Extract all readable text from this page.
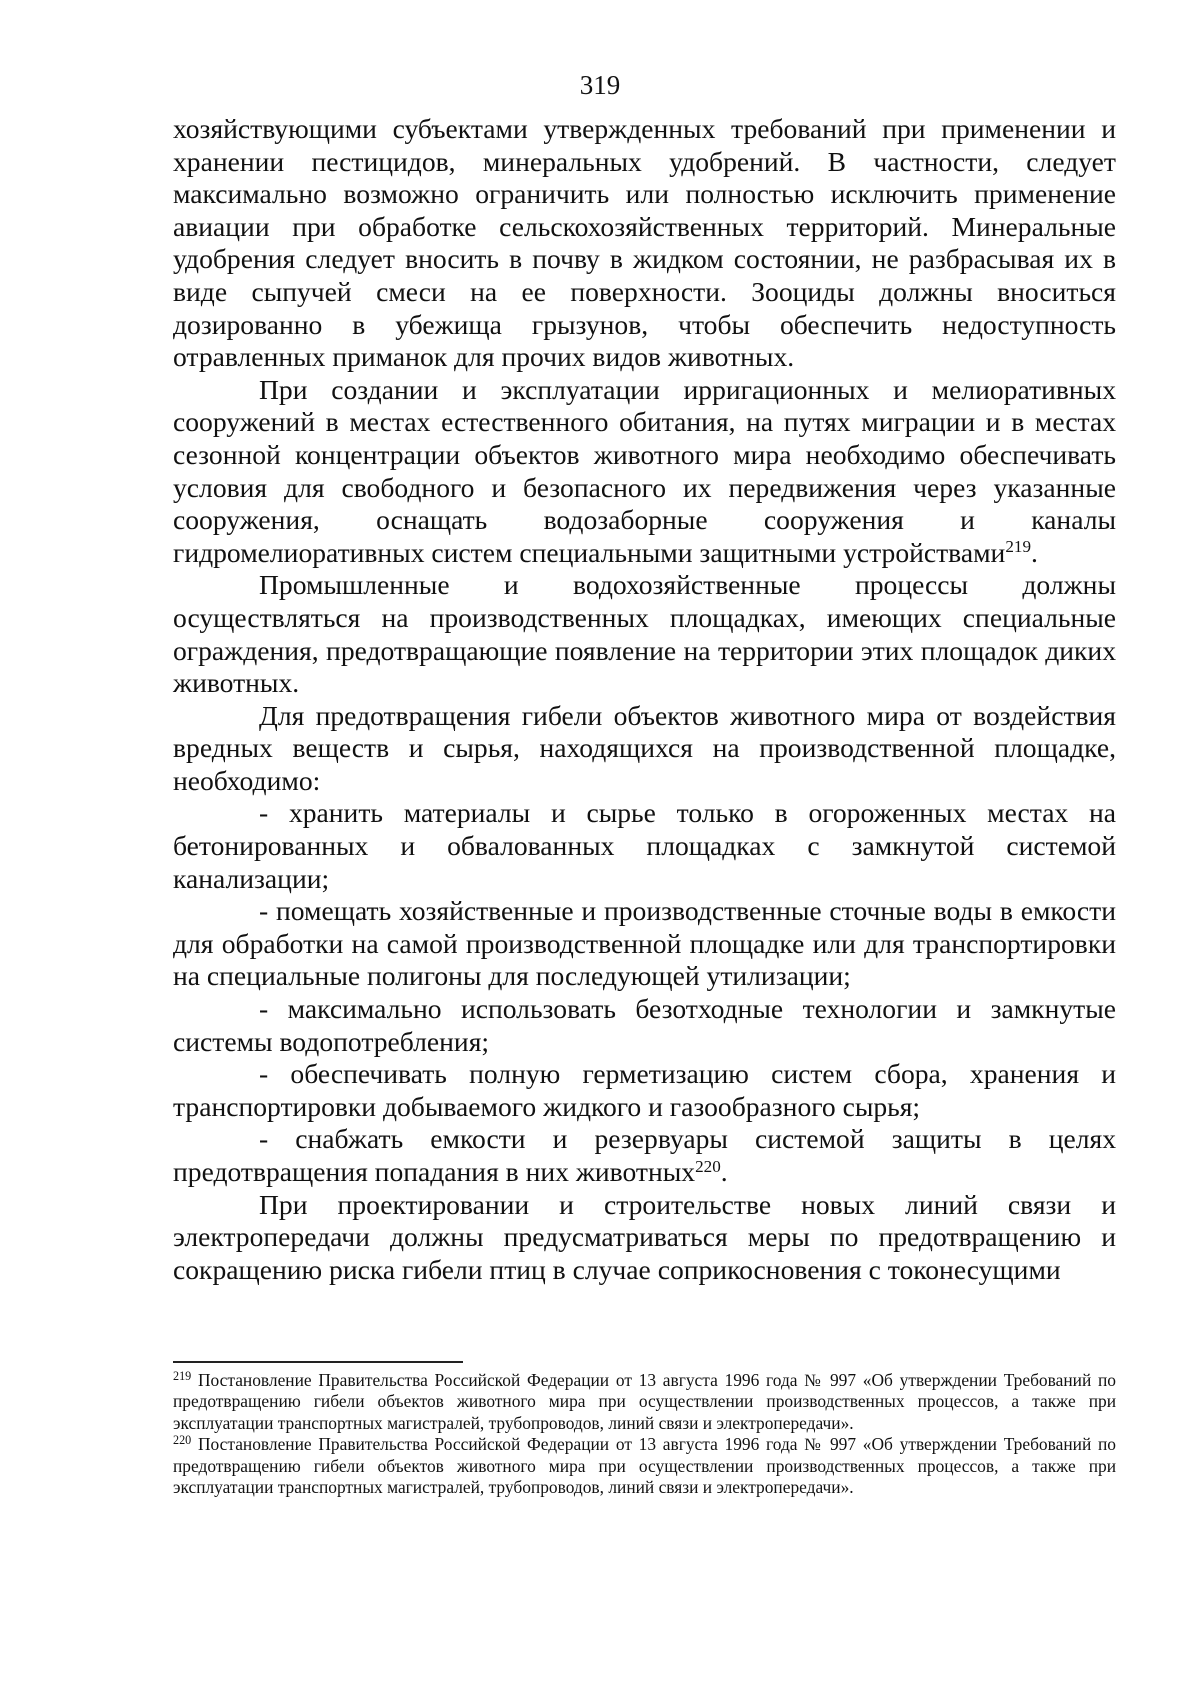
319

хозяйствующими субъектами утвержденных требований при применении и хранении пестицидов, минеральных удобрений. В частности, следует максимально возможно ограничить или полностью исключить применение авиации при обработке сельскохозяйственных территорий. Минеральные удобрения следует вносить в почву в жидком состоянии, не разбрасывая их в виде сыпучей смеси на ее поверхности. Зооциды должны вноситься дозированно в убежища грызунов, чтобы обеспечить недоступность отравленных приманок для прочих видов животных.

При создании и эксплуатации ирригационных и мелиоративных сооружений в местах естественного обитания, на путях миграции и в местах сезонной концентрации объектов животного мира необходимо обеспечивать условия для свободного и безопасного их передвижения через указанные сооружения, оснащать водозаборные сооружения и каналы гидромелиоративных систем специальными защитными устройствами$^{219}$.

Промышленные и водохозяйственные процессы должны осуществляться на производственных площадках, имеющих специальные ограждения, предотвращающие появление на территории этих площадок диких животных.

Для предотвращения гибели объектов животного мира от воздействия вредных веществ и сырья, находящихся на производственной площадке, необходимо:

- хранить материалы и сырье только в огороженных местах на бетонированных и обвалованных площадках с замкнутой системой канализации;

- помещать хозяйственные и производственные сточные воды в емкости для обработки на самой производственной площадке или для транспортировки на специальные полигоны для последующей утилизации;

- максимально использовать безотходные технологии и замкнутые системы водопотребления;

- обеспечивать полную герметизацию систем сбора, хранения и транспортировки добываемого жидкого и газообразного сырья;

- снабжать емкости и резервуары системой защиты в целях предотвращения попадания в них животных$^{220}$.

При проектировании и строительстве новых линий связи и электропередачи должны предусматриваться меры по предотвращению и сокращению риска гибели птиц в случае соприкосновения с токонесущими

$^{219}$ Постановление Правительства Российской Федерации от 13 августа 1996 года № 997 «Об утверждении Требований по предотвращению гибели объектов животного мира при осуществлении производственных процессов, а также при эксплуатации транспортных магистралей, трубопроводов, линий связи и электропередачи».

$^{220}$ Постановление Правительства Российской Федерации от 13 августа 1996 года № 997 «Об утверждении Требований по предотвращению гибели объектов животного мира при осуществлении производственных процессов, а также при эксплуатации транспортных магистралей, трубопроводов, линий связи и электропередачи».
